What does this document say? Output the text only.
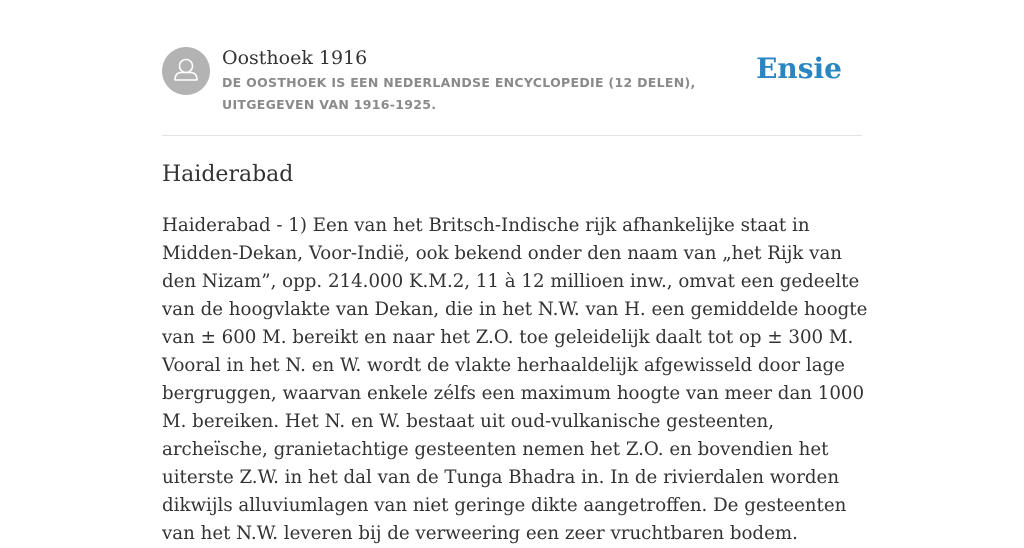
Oosthoek 1916
DE OOSTHOEK IS EEN NEDERLANDSE ENCYCLOPEDIE (12 DELEN), UITGEGEVEN VAN 1916-1925.
Ensie
Haiderabad

Haiderabad - 1) Een van het Britsch-Indische rijk afhankelijke staat in Midden-Dekan, Voor-Indië, ook bekend onder den naam van „het Rijk van den Nizam”, opp. 214.000 K.M.2, 11 à 12 millioen inw., omvat een gedeelte van de hoogvlakte van Dekan, die in het N.W. van H. een gemiddelde hoogte van ± 600 M. bereikt en naar het Z.O. toe geleidelijk daalt tot op ± 300 M. Vooral in het N. en W. wordt de vlakte herhaaldelijk afgewisseld door lage bergruggen, waarvan enkele zélfs een maximum hoogte van meer dan 1000 M. bereiken. Het N. en W. bestaat uit oud-vulkanische gesteenten, archeïsche, granietachtige gesteenten nemen het Z.O. en bovendien het uiterste Z.W. in het dal van de Tunga Bhadra in. In de rivierdalen worden dikwijls alluviumlagen van niet geringe dikte aangetroffen. De gesteenten van het N.W. leveren bij de verweering een zeer vruchtbaren bodem.
